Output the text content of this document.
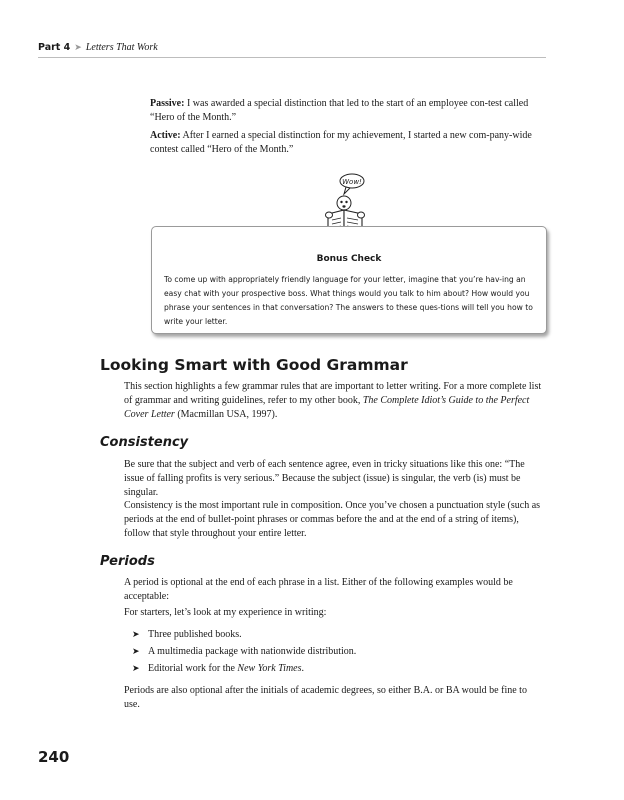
Part 4 ➤ Letters That Work

Passive: I was awarded a special distinction that led to the start of an employee con-test called “Hero of the Month.”

Active: After I earned a special distinction for my achievement, I started a new com-pany-wide contest called “Hero of the Month.”

Wow!
Bonus Check
To come up with appropriately friendly language for your letter, imagine that you’re hav-ing an easy chat with your prospective boss. What things would you talk to him about? How would you phrase your sentences in that conversation? The answers to these ques-tions will tell you how to write your letter.
Looking Smart with Good Grammar

This section highlights a few grammar rules that are important to letter writing. For a more complete list of grammar and writing guidelines, refer to my other book, The Complete Idiot’s Guide to the Perfect Cover Letter (Macmillan USA, 1997).

Consistency

Be sure that the subject and verb of each sentence agree, even in tricky situations like this one: “The issue of falling profits is very serious.” Because the subject (issue) is singular, the verb (is) must be singular.

Consistency is the most important rule in composition. Once you’ve chosen a punctuation style (such as periods at the end of bullet-point phrases or commas before the and at the end of a string of items), follow that style throughout your entire letter.

Periods

A period is optional at the end of each phrase in a list. Either of the following examples would be acceptable:

For starters, let’s look at my experience in writing:

➤ Three published books.
➤ A multimedia package with nationwide distribution.
➤ Editorial work for the New York Times.

Periods are also optional after the initials of academic degrees, so either B.A. or BA would be fine to use.

240
